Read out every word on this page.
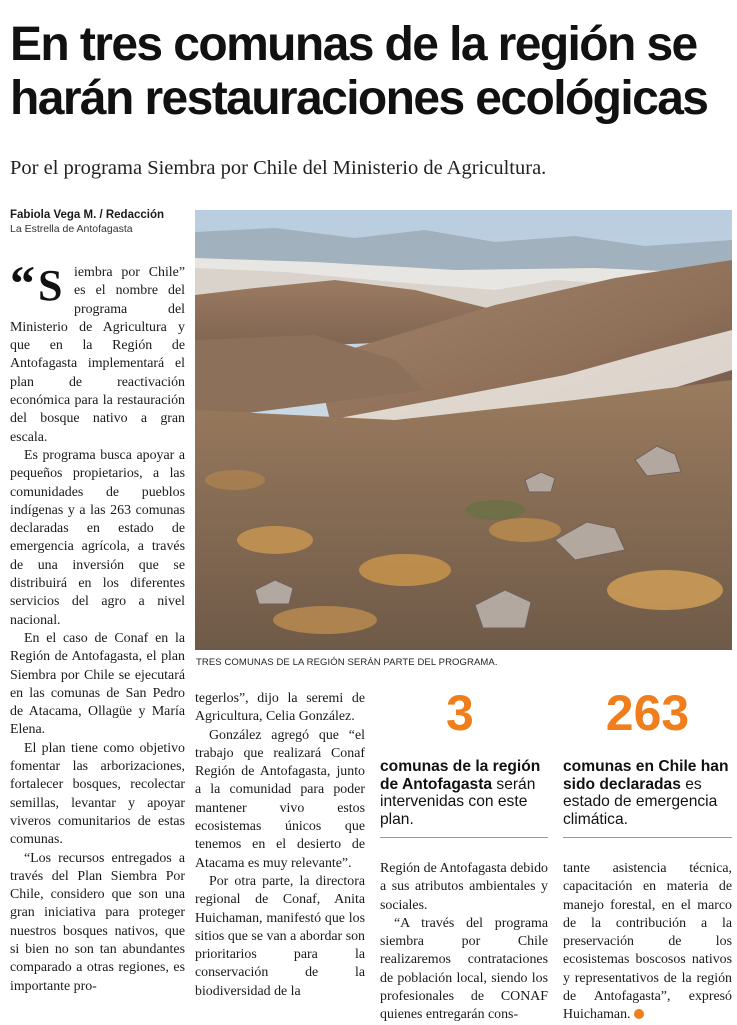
En tres comunas de la región se harán restauraciones ecológicas
Por el programa Siembra por Chile del Ministerio de Agricultura.
Fabiola Vega M. / Redacción
La Estrella de Antofagasta
TRES COMUNAS DE LA REGIÓN SERÁN PARTE DEL PROGRAMA.

“ S iembra por Chile” es el nombre del programa del Ministerio de Agricultura y que en la Región de Antofagasta implementará el plan de reactivación económica para la restauración del bosque nativo a gran escala.

Es programa busca apoyar a pequeños propietarios, a las comunidades de pueblos indígenas y a las 263 comunas declaradas en estado de emergencia agrícola, a través de una inversión que se distribuirá en los diferentes servicios del agro a nivel nacional.

En el caso de Conaf en la Región de Antofagasta, el plan Siembra por Chile se ejecutará en las comunas de San Pedro de Atacama, Ollagüe y María Elena.

El plan tiene como objetivo fomentar las arborizaciones, fortalecer bosques, recolectar semillas, levantar y apoyar viveros comunitarios de estas comunas.

“Los recursos entregados a través del Plan Siembra Por Chile, considero que son una gran iniciativa para proteger nuestros bosques nativos, que si bien no son tan abundantes comparado a otras regiones, es importante pro-

tegerlos”, dijo la seremi de Agricultura, Celia González.

González agregó que “el trabajo que realizará Conaf Región de Antofagasta, junto a la comunidad para poder mantener vivo estos ecosistemas únicos que tenemos en el desierto de Atacama es muy relevante”.

Por otra parte, la directora regional de Conaf, Anita Huichaman, manifestó que los sitios que se van a abordar son prioritarios para la conservación de la biodiversidad de la

3
comunas de la región de Antofagasta serán intervenidas con este plan.
263
comunas en Chile han sido declaradas es estado de emergencia climática.

Región de Antofagasta debido a sus atributos ambientales y sociales.

“A través del programa siembra por Chile realizaremos contrataciones de población local, siendo los profesionales de CONAF quienes entregarán cons-

tante asistencia técnica, capacitación en materia de manejo forestal, en el marco de la contribución a la preservación de los ecosistemas boscosos nativos y representativos de la región de Antofagasta”, expresó Huichaman.
